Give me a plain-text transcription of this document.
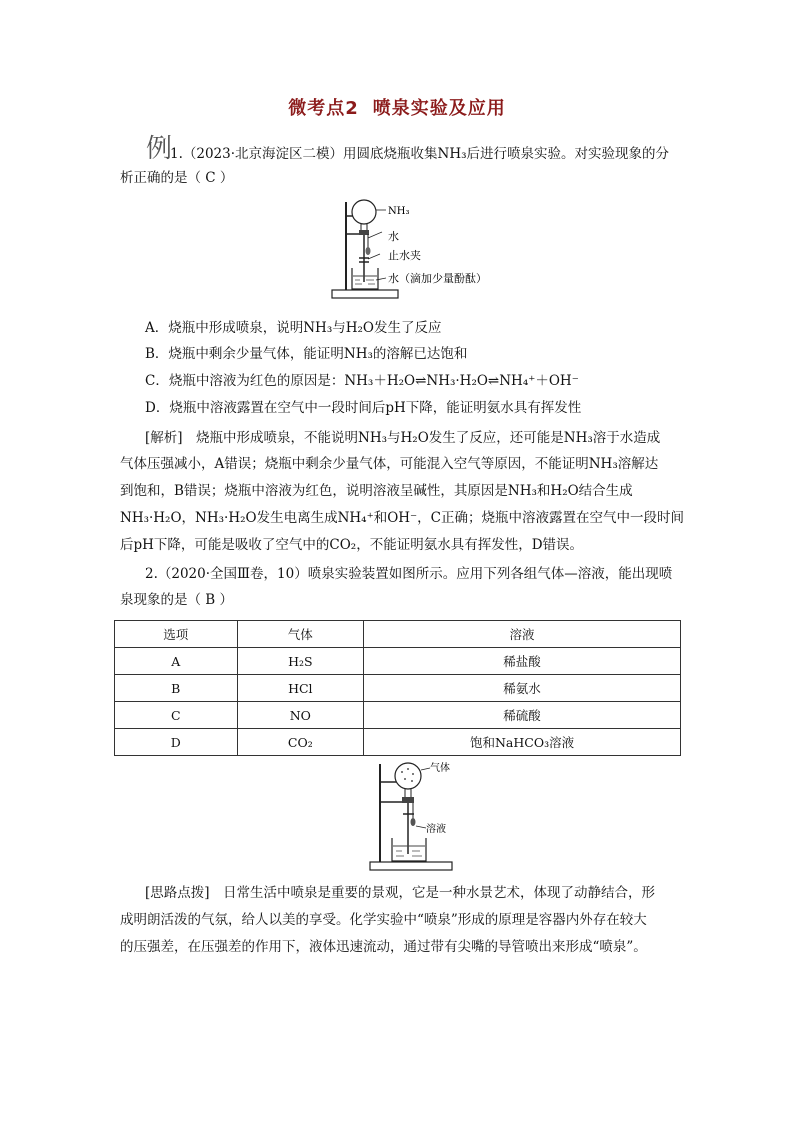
微考点2 喷泉实验及应用
例
1.（2023·北京海淀区二模）用圆底烧瓶收集NH₃后进行喷泉实验。对实验现象的分
析正确的是（ C ）
NH₃
水
止水夹
水（滴加少量酚酞）
A．烧瓶中形成喷泉，说明NH₃与H₂O发生了反应
B．烧瓶中剩余少量气体，能证明NH₃的溶解已达饱和
C．烧瓶中溶液为红色的原因是：NH₃＋H₂O⇌NH₃·H₂O⇌NH₄⁺＋OH⁻
D．烧瓶中溶液露置在空气中一段时间后pH下降，能证明氨水具有挥发性
[解析]　烧瓶中形成喷泉，不能说明NH₃与H₂O发生了反应，还可能是NH₃溶于水造成
气体压强减小，A错误；烧瓶中剩余少量气体，可能混入空气等原因，不能证明NH₃溶解达
到饱和，B错误；烧瓶中溶液为红色，说明溶液呈碱性，其原因是NH₃和H₂O结合生成
NH₃·H₂O，NH₃·H₂O发生电离生成NH₄⁺和OH⁻，C正确；烧瓶中溶液露置在空气中一段时间
后pH下降，可能是吸收了空气中的CO₂，不能证明氨水具有挥发性，D错误。
2.（2020·全国Ⅲ卷，10）喷泉实验装置如图所示。应用下列各组气体—溶液，能出现喷
泉现象的是（ B ）
选项	气体	溶液
A	H₂S	稀盐酸
B	HCl	稀氨水
C	NO	稀硫酸
D	CO₂	饱和NaHCO₃溶液
气体
溶液
[思路点拨]　日常生活中喷泉是重要的景观，它是一种水景艺术，体现了动静结合，形
成明朗活泼的气氛，给人以美的享受。化学实验中“喷泉”形成的原理是容器内外存在较大
的压强差，在压强差的作用下，液体迅速流动，通过带有尖嘴的导管喷出来形成“喷泉”。
